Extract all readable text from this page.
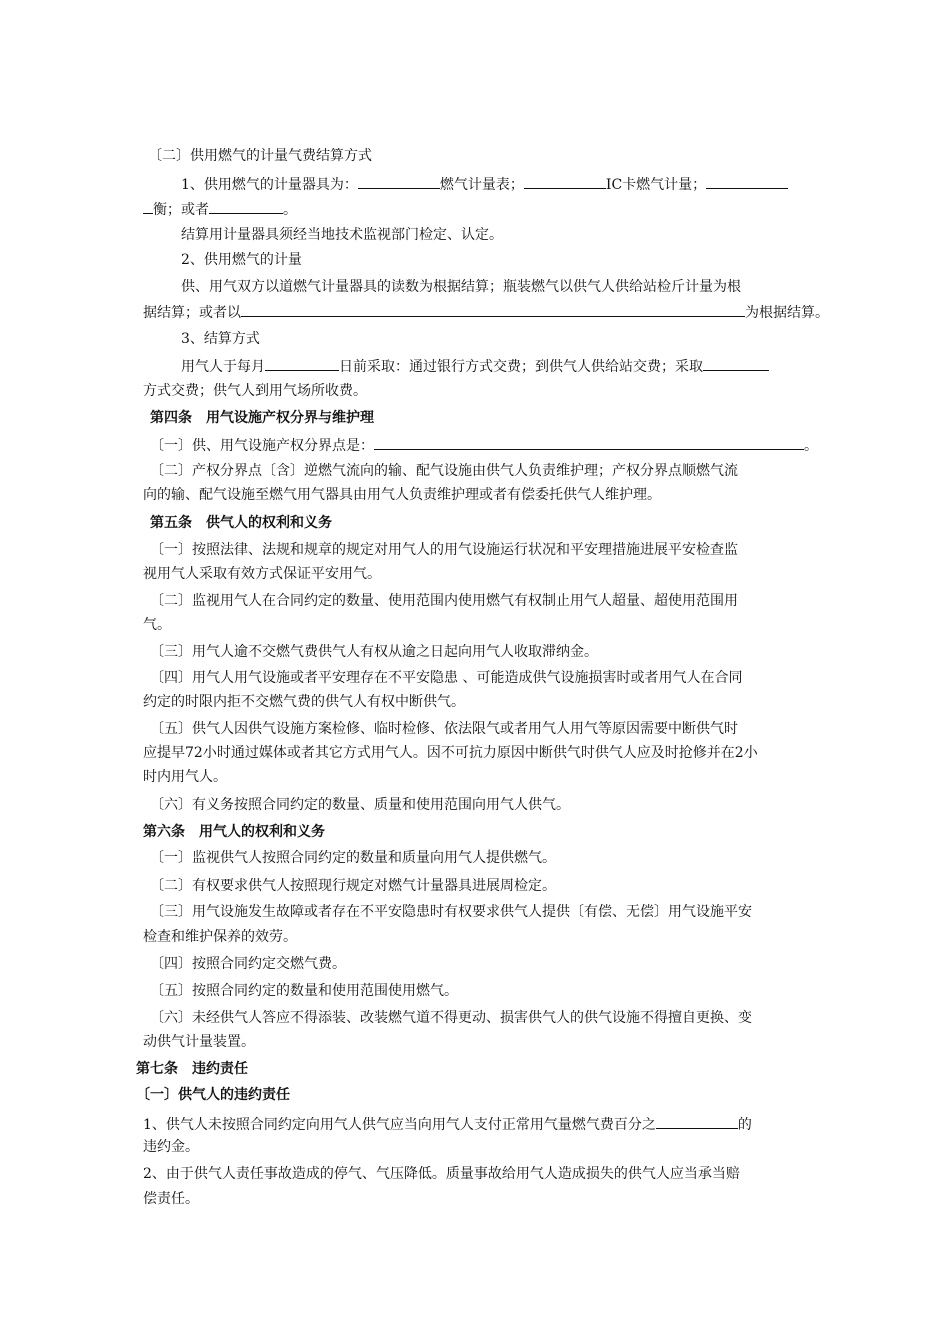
〔二〕供用燃气的计量气费结算方式

1、供用燃气的计量器具为：	燃气计量表；	IC卡燃气计量；

衡；或者	。

结算用计量器具须经当地技术监视部门检定、认定。

2、供用燃气的计量

供、用气双方以道燃气计量器具的读数为根据结算；瓶装燃气以供气人供给站检斤计量为根

据结算；或者以	为根据结算。

3、结算方式

用气人于每月	日前采取：通过银行方式交费；到供气人供给站交费；采取

方式交费；供气人到用气场所收费。

第四条　用气设施产权分界与维护理

〔一〕供、用气设施产权分界点是：	。

〔二〕产权分界点〔含〕逆燃气流向的输、配气设施由供气人负责维护理；产权分界点顺燃气流

向的输、配气设施至燃气用气器具由用气人负责维护理或者有偿委托供气人维护理。

第五条　供气人的权利和义务

〔一〕按照法律、法规和规章的规定对用气人的用气设施运行状况和平安理措施进展平安检查监

视用气人采取有效方式保证平安用气。

〔二〕监视用气人在合同约定的数量、使用范围内使用燃气有权制止用气人超量、超使用范围用

气。

〔三〕用气人逾不交燃气费供气人有权从逾之日起向用气人收取滞纳金。

〔四〕用气人用气设施或者平安理存在不平安隐患 、可能造成供气设施损害时或者用气人在合同

约定的时限内拒不交燃气费的供气人有权中断供气。

〔五〕供气人因供气设施方案检修、临时检修、依法限气或者用气人用气等原因需要中断供气时

应提早72小时通过媒体或者其它方式用气人。因不可抗力原因中断供气时供气人应及时抢修并在2小

时内用气人。

〔六〕有义务按照合同约定的数量、质量和使用范围向用气人供气。

第六条　用气人的权利和义务

〔一〕监视供气人按照合同约定的数量和质量向用气人提供燃气。

〔二〕有权要求供气人按照现行规定对燃气计量器具进展周检定。

〔三〕用气设施发生故障或者存在不平安隐患时有权要求供气人提供〔有偿、无偿〕用气设施平安

检查和维护保养的效劳。

〔四〕按照合同约定交燃气费。

〔五〕按照合同约定的数量和使用范围使用燃气。

〔六〕未经供气人答应不得添装、改装燃气道不得更动、损害供气人的供气设施不得擅自更换、变

动供气计量装置。

第七条　违约责任

〔一〕供气人的违约责任

1、供气人未按照合同约定向用气人供气应当向用气人支付正常用气量燃气费百分之	的

违约金。

2、由于供气人责任事故造成的停气、气压降低。质量事故给用气人造成损失的供气人应当承当赔

偿责任。
